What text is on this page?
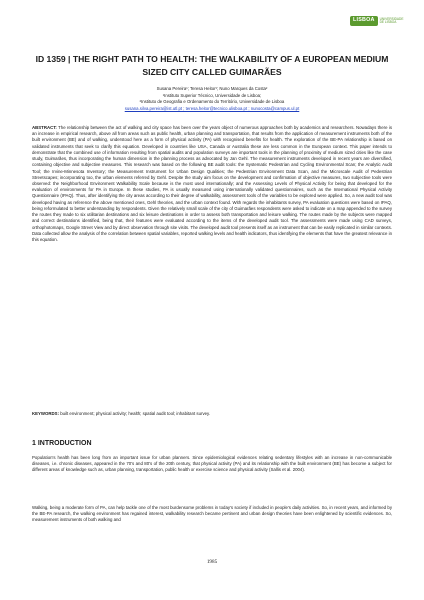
LISBOA	UNIVERSIDADE
DE LISBOA
ID 1359 | THE RIGHT PATH TO HEALTH: THE WALKABILITY OF A EUROPEAN MEDIUM SIZED CITY CALLED GUIMARÃES
Susana Pereira¹; Teresa Heitor¹; Nuno Marques da Costa²
¹Instituto Superior Técnico, Universidade de Lisboa;
²Instituto de Geografia e Ordenamento do Território, Universidade de Lisboa
susana.silva.pereira@ist.utl.pt ; teresa.heitor@tecnico.ulisboa.pt ; nunocosta@campus.ul.pt

ABSTRACT: The relationship between the act of walking and city space has been over the years object of numerous approaches both by academics and researchers. Nowadays there is an increase in empirical research, above all from areas such as public health, urban planning and transportation, that results from the application of measurement instruments both of the built environment (BE) and of walking, understood here as a form of physical activity (PA) with recognised benefits for health. The exploration of the BE-PA relationship is based on validated instruments that seek to clarify this equation. Developed in countries like USA, Canada or Australia these are less common in the European context. This paper intends to demonstrate that the combined use of information resulting from spatial audits and population surveys are important tools in the planning of proximity of medium sized cities like the case study, Guimarães, thus incorporating the human dimension in the planning process as advocated by Jan Gehl. The measurement instruments developed in recent years are diversified, containing objective and subjective measures. This research was based on the following BE audit tools: the Systematic Pedestrian and Cycling Environmental Scan; the Analytic Audit Tool; the Irvine-Minnesota Inventory; the Measurement Instrument for Urban Design Qualities; the Pedestrian Environment Data Scan, and the Microscale Audit of Pedestrian Streetscapes; incorporating too, the urban elements referred by Gehl. Despite the study aim focus on the development and confirmation of objective measures, two subjective tools were observed: the Neighborhood Environment Walkability Scale because is the most used internationally; and the Assessing Levels of Physical Activity for being that developed for the evaluation of environments for PA in Europe. In these studies, PA is usually measured using internationally validated questionnaires, such as the International Physical Activity Questionnaire (IPAQ). Thus, after identifying the city areas according to their degree of walkability, assessment tools of the variables to be explored were applied. So, a new audit tool was developed having as reference the above mentioned ones, Gehl theories, and the urban context found. With regards the inhabitants survey, PA evaluation questions were based on IPAQ, being reformulated to better understanding by respondents. Given the relatively small scale of the city of Guimarães respondents were asked to indicate on a map appended to the survey the routes they made to six utilitarian destinations and six leisure destinations in order to assess both transportation and leisure walking. The routes made by the subjects were mapped and correct destinations identified, being that, their features were evaluated according to the items of the developed audit tool. The assessments were made using CAD surveys, orthophotomaps, Google Street View and by direct observation through site visits. The developed audit tool presents itself as an instrument that can be easily replicated in similar contexts. Data collected allow the analysis of the correlation between spatial variables, reported walking levels and health indicators, thus identifying the elements that have the greatest relevance in this equation.

KEYWORDS: built environment; physical activity; health; spatial audit tool; inhabitant survey.

1 INTRODUCTION

Population's health has been long from an important issue for urban planners. Since epidemiological evidences relating sedentary lifestyles with an increase in non-communicable diseases, i.e. chronic diseases, appeared in the 70's and 80's of the 20th century, that physical activity (PA) and its relationship with the built environment (BE) has become a subject for different areas of knowledge such as, urban planning, transportation, public health or exercise science and physical activity (Sallis et al. 2004).

Walking, being a moderate form of PA, can help tackle one of the most burdensome problems in today's society if included in people's daily activities. So, in recent years, and informed by the BE-PA research, the walking environment has regained interest, walkability research became pertinent and urban design theories have been enlightened by scientific evidences. So, measurement instruments of both walking and

1985
